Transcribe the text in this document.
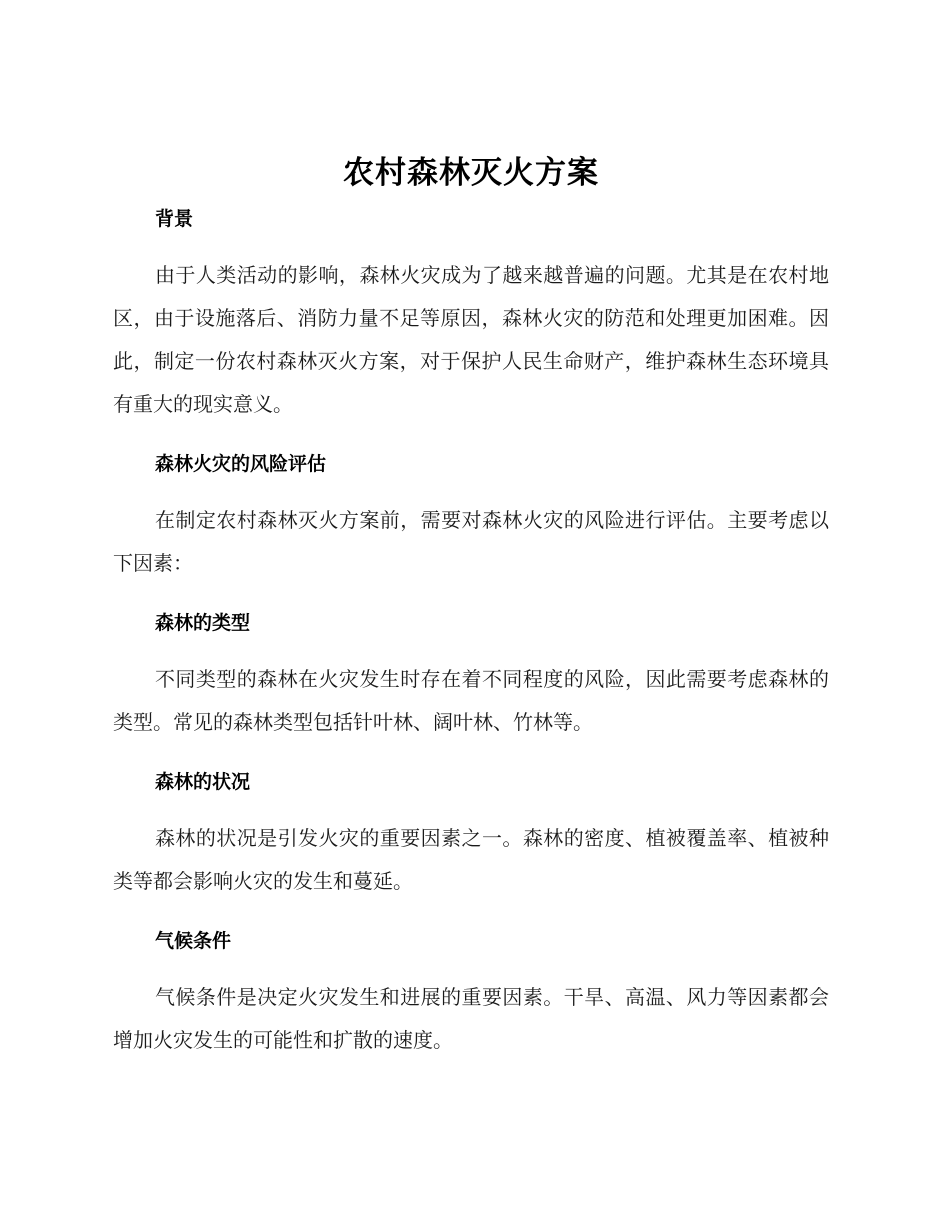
农村森林灭火方案
背景

由于人类活动的影响，森林火灾成为了越来越普遍的问题。尤其是在农村地区，由于设施落后、消防力量不足等原因，森林火灾的防范和处理更加困难。因此，制定一份农村森林灭火方案，对于保护人民生命财产，维护森林生态环境具有重大的现实意义。

森林火灾的风险评估

在制定农村森林灭火方案前，需要对森林火灾的风险进行评估。主要考虑以下因素：

森林的类型

不同类型的森林在火灾发生时存在着不同程度的风险，因此需要考虑森林的类型。常见的森林类型包括针叶林、阔叶林、竹林等。

森林的状况

森林的状况是引发火灾的重要因素之一。森林的密度、植被覆盖率、植被种类等都会影响火灾的发生和蔓延。

气候条件

气候条件是决定火灾发生和进展的重要因素。干旱、高温、风力等因素都会增加火灾发生的可能性和扩散的速度。
